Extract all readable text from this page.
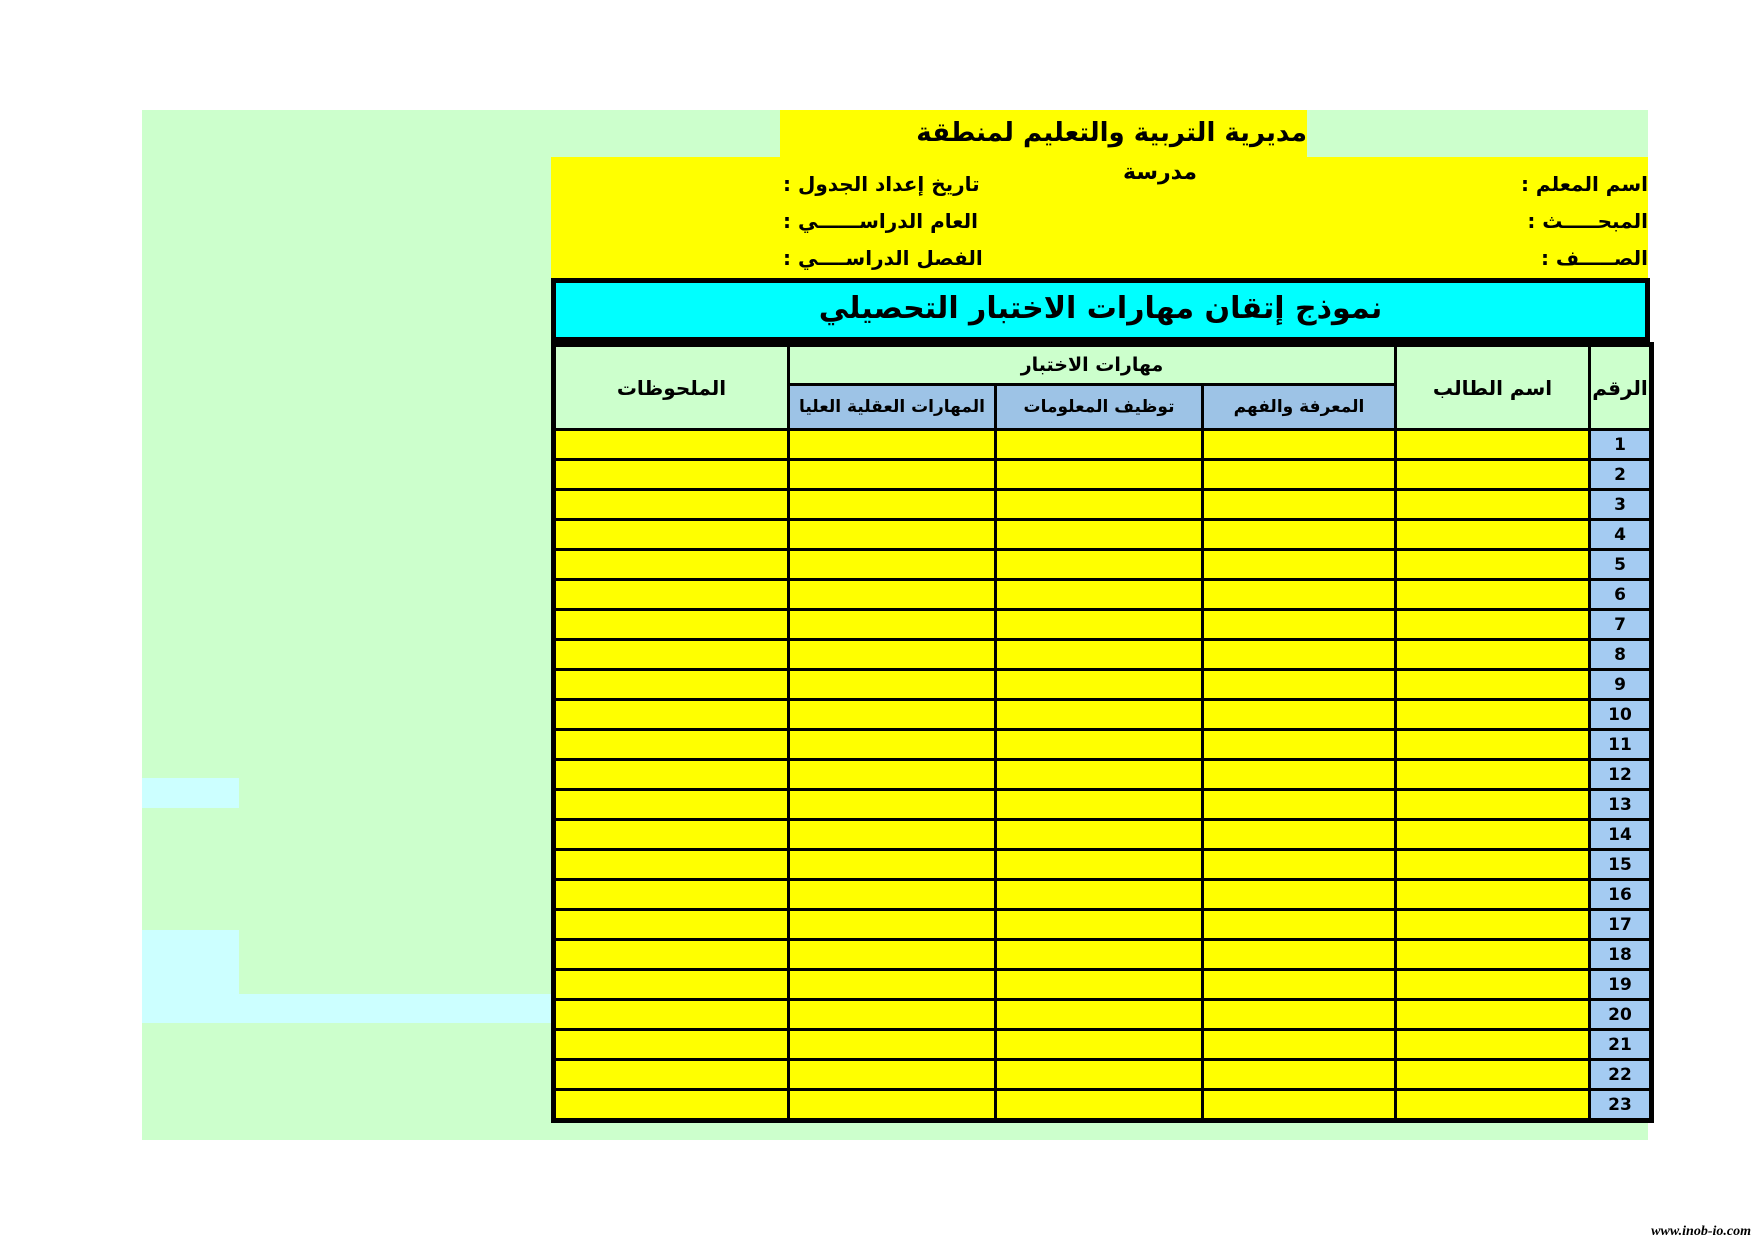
مديرية التربية والتعليم لمنطقة
مدرسة
تاريخ إعداد الجدول :
العام الدراســــــي :
الفصل الدراســــي :
اسم المعلم :
المبحـــــث :
الصـــــف :
نموذج إتقان مهارات الاختبار التحصيلي
الرقم	اسم الطالب	مهارات الاختبار			الملحوظات
		المعرفة والفهم	توظيف المعلومات	المهارات العقلية العليا	
1					
2					
3					
4					
5					
6					
7					
8					
9					
10					
11					
12					
13					
14					
15					
16					
17					
18					
19					
20					
21					
22					
23					
www.inob-io.com
